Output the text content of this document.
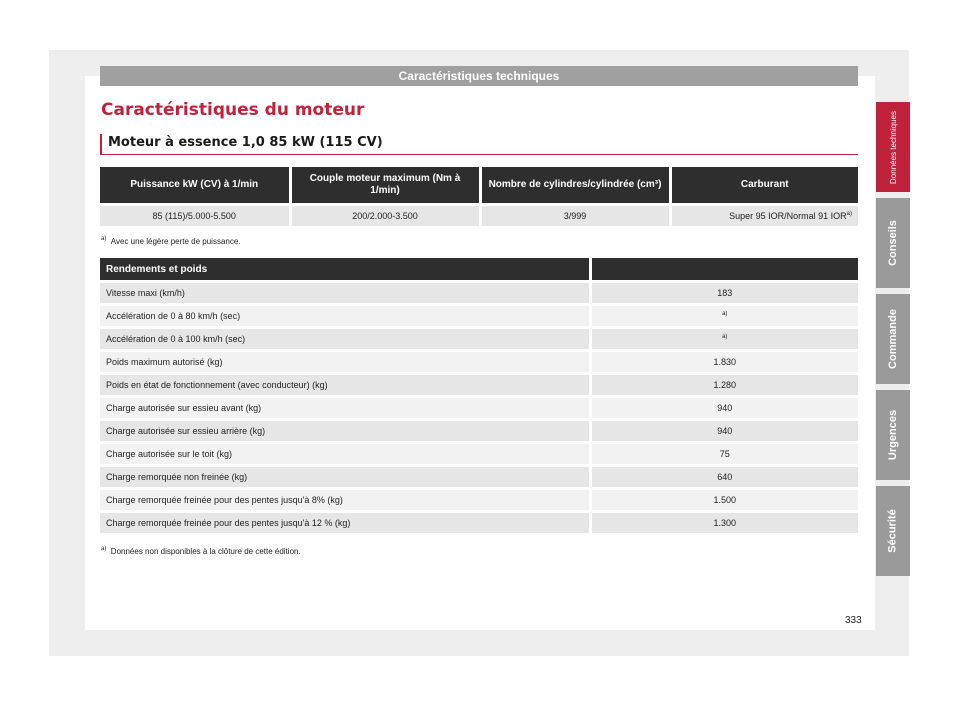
Caractéristiques techniques
Caractéristiques du moteur
Moteur à essence 1,0 85 kW (115 CV)
Puissance kW (CV) à 1/min	Couple moteur maximum (Nm à 1/min)	Nombre de cylindres/cylindrée (cm³)	Carburant
85 (115)/5.000-5.500	200/2.000-3.500	3/999	Super 95 IOR/Normal 91 IOR$^{a)}$
$^{a)}$ Avec une légère perte de puissance.
Rendements et poids	
Vitesse maxi (km/h)	183
Accélération de 0 à 80 km/h (sec)	$^{a)}$
Accélération de 0 à 100 km/h (sec)	$^{a)}$
Poids maximum autorisé (kg)	1.830
Poids en état de fonctionnement (avec conducteur) (kg)	1.280
Charge autorisée sur essieu avant (kg)	940
Charge autorisée sur essieu arrière (kg)	940
Charge autorisée sur le toit (kg)	75
Charge remorquée non freinée (kg)	640
Charge remorquée freinée pour des pentes jusqu'à 8% (kg)	1.500
Charge remorquée freinée pour des pentes jusqu'à 12 % (kg)	1.300
$^{a)}$ Données non disponibles à la clôture de cette édition.
333
Données techniques
Conseils
Commande
Urgences
Sécurité
